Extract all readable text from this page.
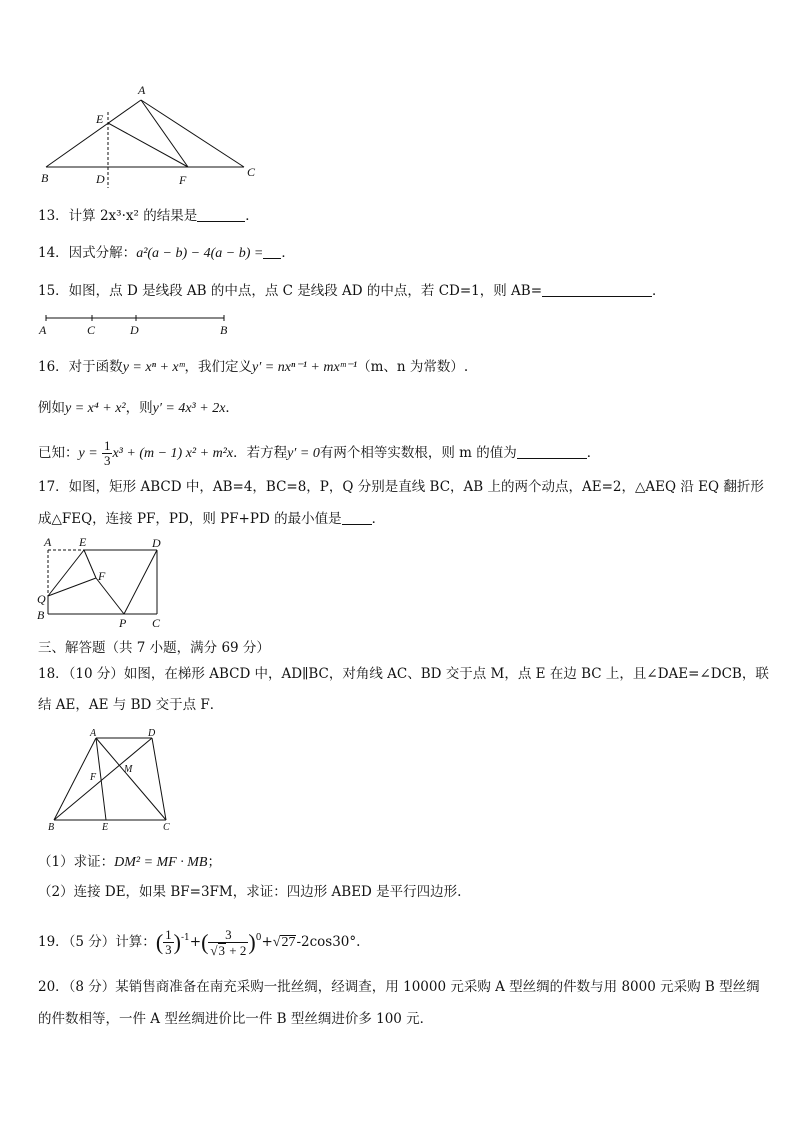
A
E
B	D	F
C
13．计算 2x³·x² 的结果是	．
14．因式分解：a²(a − b) − 4(a − b) = ．
15．如图，点 D 是线段 AB 的中点，点 C 是线段 AD 的中点，若 CD=1，则 AB=	．
A	C	D	B
16．对于函数y = xⁿ + xᵐ，我们定义y′ = nxⁿ⁻¹ + mxᵐ⁻¹（m、n 为常数）.
例如y = x⁴ + x²，则y′ = 4x³ + 2x．
已知：$y = \frac{1}{3} x^3 + (m - 1) x^2 + m^2x$．若方程y′ = 0有两个相等实数根，则 m 的值为	．
17．如图，矩形 ABCD 中，AB=4，BC=8，P，Q 分别是直线 BC，AB 上的两个动点，AE=2，△AEQ 沿 EQ 翻折形
成△FEQ，连接 PF，PD，则 PF+PD 的最小值是 ．
A E	D
F
Q
B
P C
三、解答题（共 7 小题，满分 69 分）
18．（10 分）如图，在梯形 ABCD 中，AD∥BC，对角线 AC、BD 交于点 M，点 E 在边 BC 上，且∠DAE=∠DCB，联
结 AE，AE 与 BD 交于点 F．
A	D
M
F
B	E	C
（1）求证：DM² = MF · MB；
（2）连接 DE，如果 BF=3FM，求证：四边形 ABED 是平行四边形.
19．（5 分）计算：( $\frac{1}{3} )^{-1}+( \frac{3}{√3 + 2} )^0+√27-2\cos 30^\circ$.
20．（8 分）某销售商准备在南充采购一批丝绸，经调查，用 10000 元采购 A 型丝绸的件数与用 8000 元采购 B 型丝绸
的件数相等，一件 A 型丝绸进价比一件 B 型丝绸进价多 100 元．
